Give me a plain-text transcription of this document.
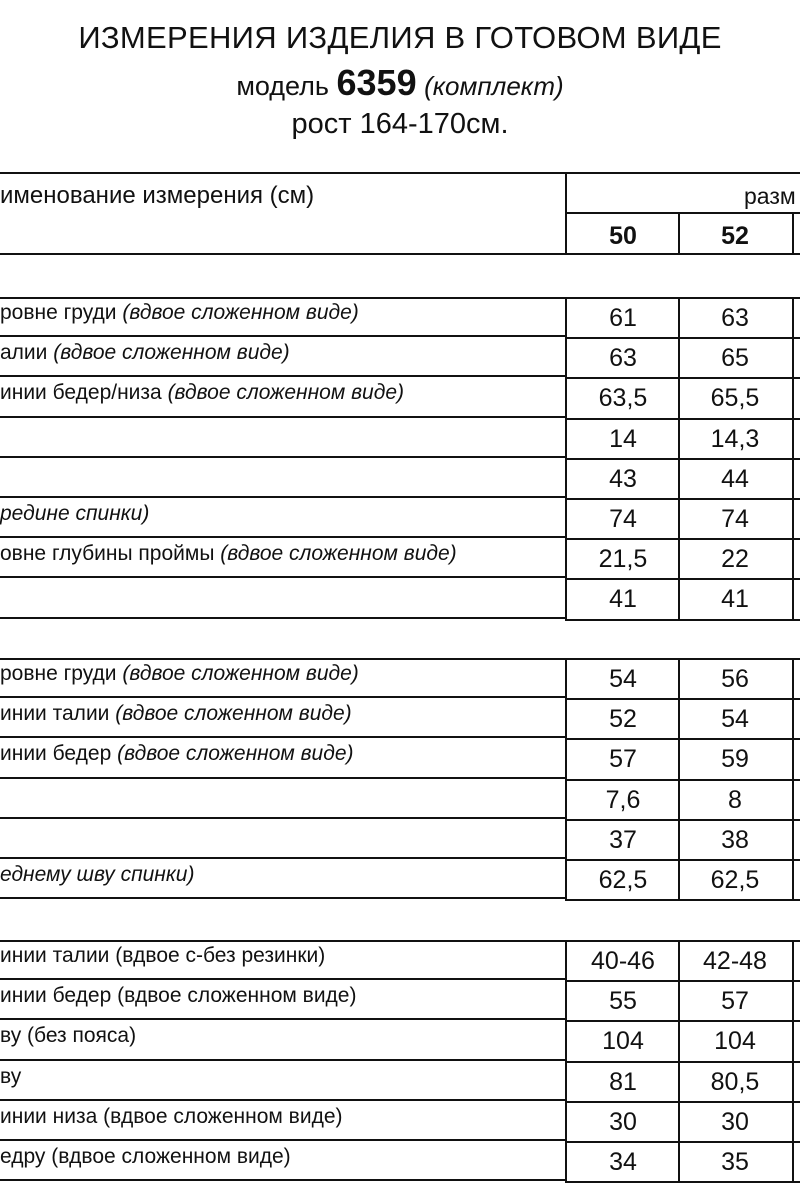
ИЗМЕРЕНИЯ ИЗДЕЛИЯ В ГОТОВОМ ВИДЕ
модель 6359 (комплект)
рост 164-170см.
именование измерения (см)	разм
50	52
ровне груди (вдвое сложенном виде)	61	63
алии (вдвое сложенном виде)	63	65
инии бедер/низа (вдвое сложенном виде)	63,5	65,5
14	14,3
43	44
редине спинки)	74	74
овне глубины проймы (вдвое сложенном виде)	21,5	22
41	41
ровне груди (вдвое сложенном виде)	54	56
инии талии (вдвое сложенном виде)	52	54
инии бедер (вдвое сложенном виде)	57	59
7,6	8
37	38
еднему шву спинки)	62,5	62,5
инии талии (вдвое с-без резинки)	40-46	42-48
инии бедер (вдвое сложенном виде)	55	57
ву (без пояса)	104	104
ву	81	80,5
инии низа (вдвое сложенном виде)	30	30
едру (вдвое сложенном виде)	34	35
